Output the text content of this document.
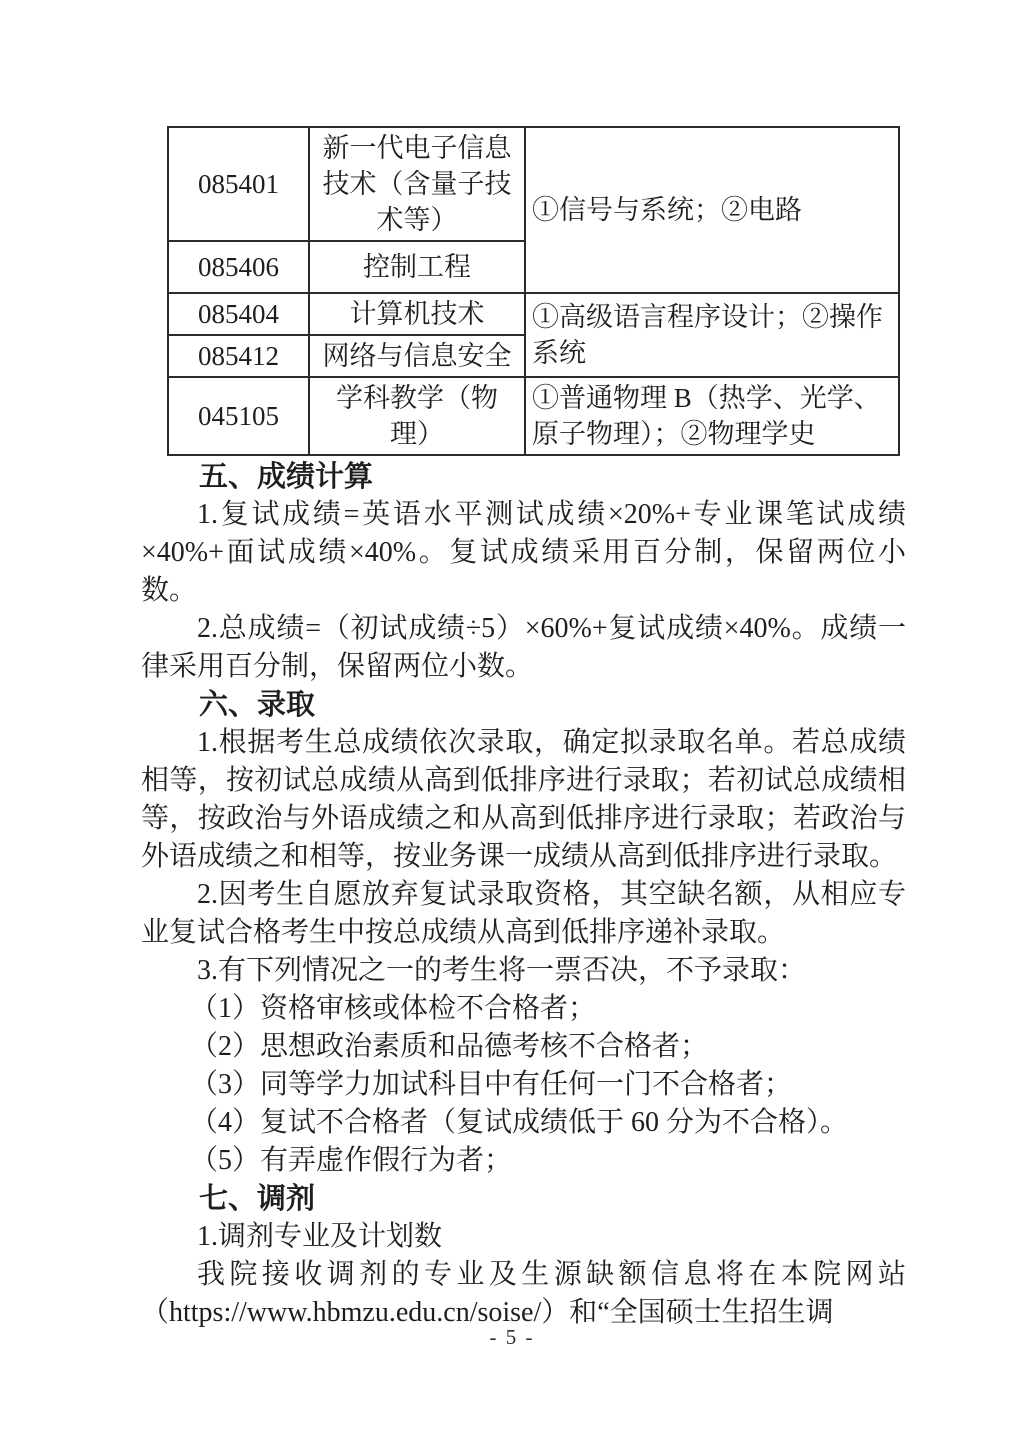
085401	新一代电子信息技术（含量子技术等）	①信号与系统；②电路
085406	控制工程	
085404	计算机技术	①高级语言程序设计；②操作系统
085412	网络与信息安全	
045105	学科教学（物理）	①普通物理 B（热学、光学、原子物理）；②物理学史
五、成绩计算

1.复试成绩=英语水平测试成绩×20%+专业课笔试成绩×40%+面试成绩×40%。复试成绩采用百分制，保留两位小数。

2.总成绩=（初试成绩÷5）×60%+复试成绩×40%。成绩一律采用百分制，保留两位小数。

六、录取

1.根据考生总成绩依次录取，确定拟录取名单。若总成绩相等，按初试总成绩从高到低排序进行录取；若初试总成绩相等，按政治与外语成绩之和从高到低排序进行录取；若政治与外语成绩之和相等，按业务课一成绩从高到低排序进行录取。

2.因考生自愿放弃复试录取资格，其空缺名额，从相应专业复试合格考生中按总成绩从高到低排序递补录取。

3.有下列情况之一的考生将一票否决，不予录取：

（1）资格审核或体检不合格者；

（2）思想政治素质和品德考核不合格者；

（3）同等学力加试科目中有任何一门不合格者；

（4）复试不合格者（复试成绩低于 60 分为不合格）。

（5）有弄虚作假行为者；

七、调剂

1.调剂专业及计划数

我院接收调剂的专业及生源缺额信息将在本院网站（https://www.hbmzu.edu.cn/soise/）和“全国硕士生招生调

- 5 -
